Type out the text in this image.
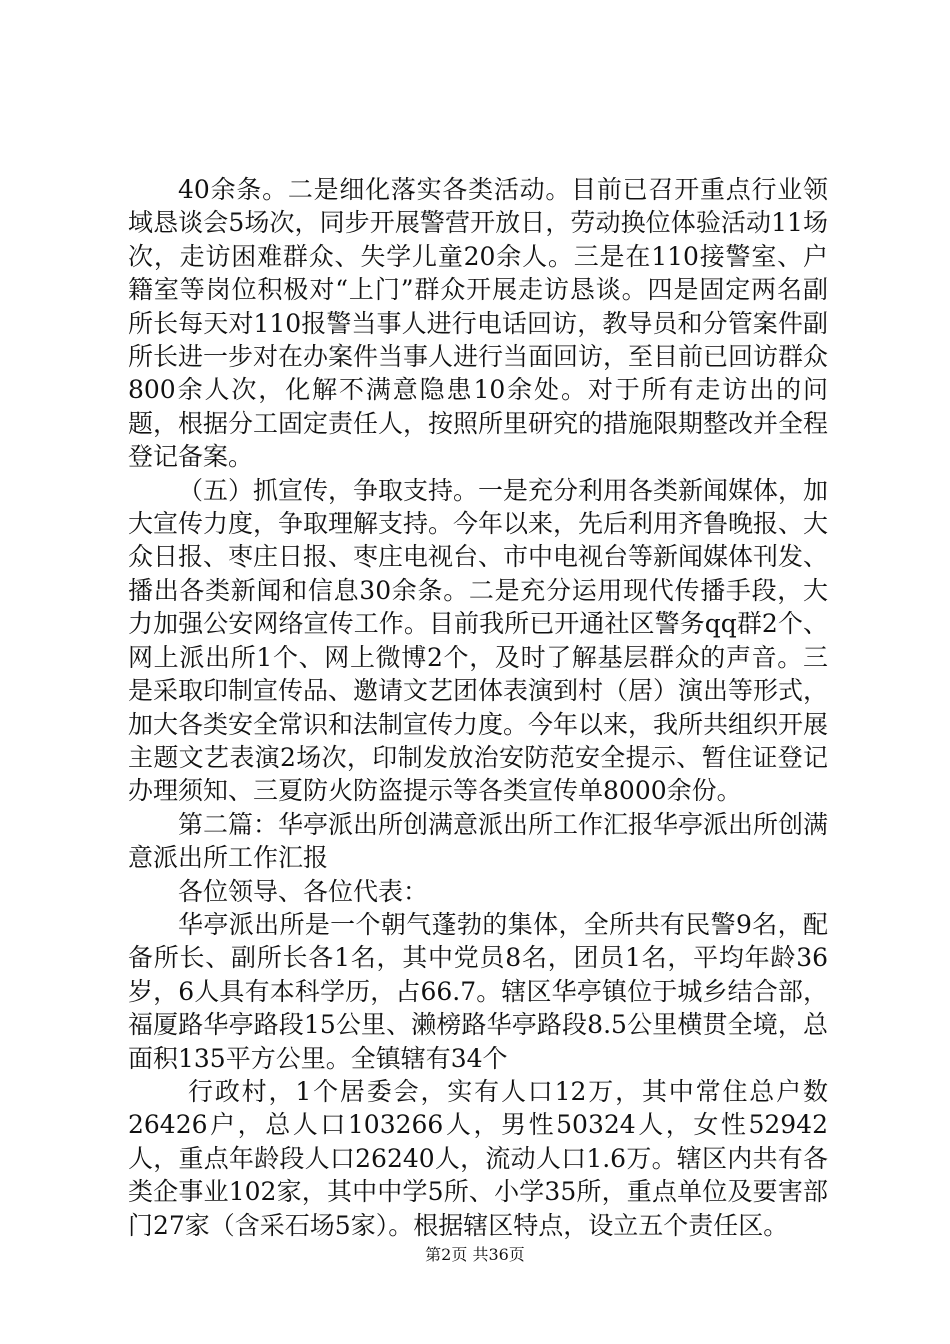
40余条。二是细化落实各类活动。目前已召开重点行业领域恳谈会5场次，同步开展警营开放日，劳动换位体验活动11场次，走访困难群众、失学儿童20余人。三是在110接警室、户籍室等岗位积极对“上门”群众开展走访恳谈。四是固定两名副所长每天对110报警当事人进行电话回访，教导员和分管案件副所长进一步对在办案件当事人进行当面回访，至目前已回访群众800余人次，化解不满意隐患10余处。对于所有走访出的问题，根据分工固定责任人，按照所里研究的措施限期整改并全程登记备案。

（五）抓宣传，争取支持。一是充分利用各类新闻媒体，加大宣传力度，争取理解支持。今年以来，先后利用齐鲁晚报、大众日报、枣庄日报、枣庄电视台、市中电视台等新闻媒体刊发、播出各类新闻和信息30余条。二是充分运用现代传播手段，大力加强公安网络宣传工作。目前我所已开通社区警务qq群2个、网上派出所1个、网上微博2个，及时了解基层群众的声音。三是采取印制宣传品、邀请文艺团体表演到村（居）演出等形式，加大各类安全常识和法制宣传力度。今年以来，我所共组织开展主题文艺表演2场次，印制发放治安防范安全提示、暂住证登记办理须知、三夏防火防盗提示等各类宣传单8000余份。

第二篇：华亭派出所创满意派出所工作汇报华亭派出所创满意派出所工作汇报

各位领导、各位代表：

华亭派出所是一个朝气蓬勃的集体，全所共有民警9名，配备所长、副所长各1名，其中党员8名，团员1名，平均年龄36岁，6人具有本科学历，占66.7。辖区华亭镇位于城乡结合部，福厦路华亭路段15公里、濑榜路华亭路段8.5公里横贯全境，总面积135平方公里。全镇辖有34个

行政村，1个居委会，实有人口12万，其中常住总户数26426户，总人口103266人，男性50324人，女性52942人，重点年龄段人口26240人，流动人口1.6万。辖区内共有各类企事业102家，其中中学5所、小学35所，重点单位及要害部门27家（含采石场5家）。根据辖区特点，设立五个责任区。

第2页 共36页
